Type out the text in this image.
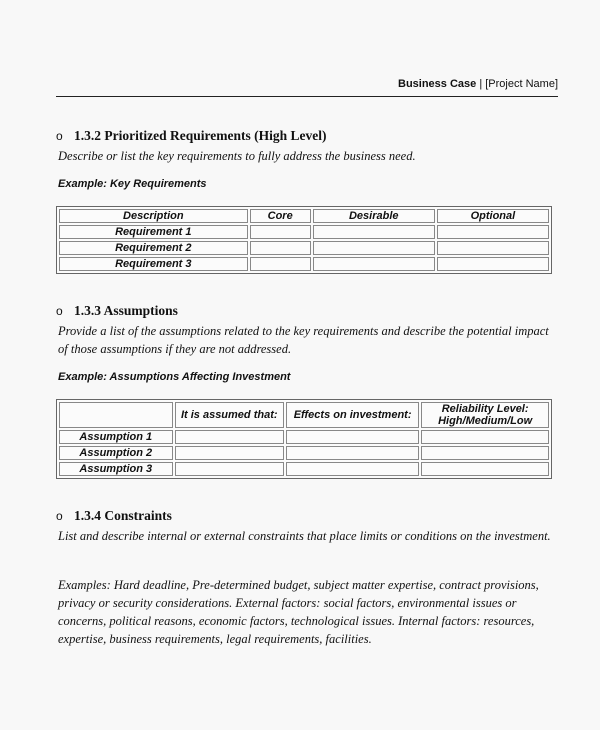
Business Case | [Project Name]
o 1.3.2 Prioritized Requirements (High Level)
Describe or list the key requirements to fully address the business need.
Example: Key Requirements
Description	Core	Desirable	Optional
Requirement 1			
Requirement 2			
Requirement 3			
o 1.3.3 Assumptions
Provide a list of the assumptions related to the key requirements and describe the potential impact of those assumptions if they are not addressed.
Example: Assumptions Affecting Investment
	It is assumed that:	Effects on investment:	Reliability Level: High/Medium/Low
Assumption 1			
Assumption 2			
Assumption 3			
o 1.3.4 Constraints
List and describe internal or external constraints that place limits or conditions on the investment.
Examples: Hard deadline, Pre-determined budget, subject matter expertise, contract provisions, privacy or security considerations. External factors: social factors, environmental issues or concerns, political reasons, economic factors, technological issues. Internal factors: resources, expertise, business requirements, legal requirements, facilities.
